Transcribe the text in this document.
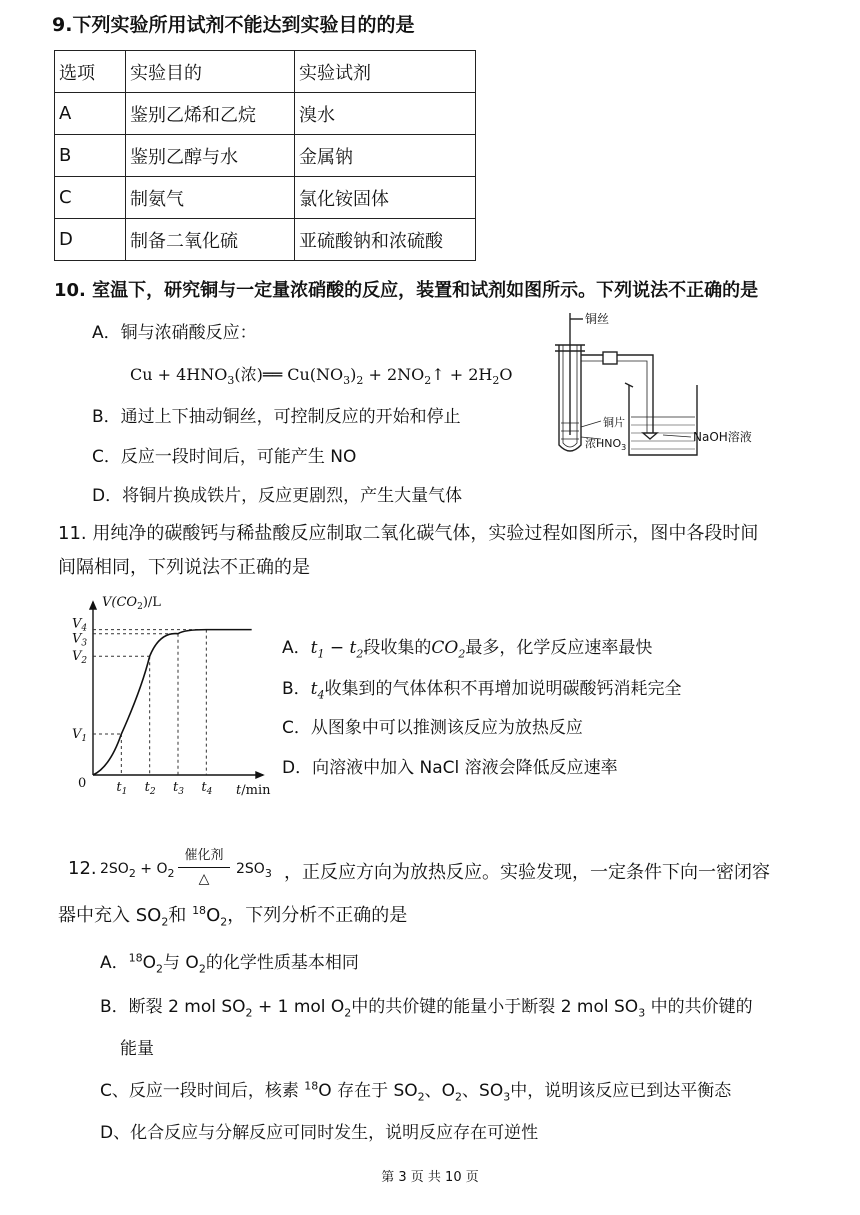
9.下列实验所用试剂不能达到实验目的的是
选项	实验目的	实验试剂
A	鉴别乙烯和乙烷	溴水
B	鉴别乙醇与水	金属钠
C	制氨气	氯化铵固体
D	制备二氧化硫	亚硫酸钠和浓硫酸
10. 室温下，研究铜与一定量浓硝酸的反应，装置和试剂如图所示。下列说法不正确的是
A．铜与浓硝酸反应：
$Cu + 4HNO_3$(浓)══ $Cu(NO_3)_2$ + $2NO_2↑ + 2H_2O$
B．通过上下抽动铜丝，可控制反应的开始和停止
C．反应一段时间后，可能产生 NO
D．将铜片换成铁片，反应更剧烈，产生大量气体
铜丝
铜片
浓$HNO_3$
NaOH溶液
11. 用纯净的碳酸钙与稀盐酸反应制取二氧化碳气体，实验过程如图所示，图中各段时间
间隔相同，下列说法不正确的是
$V_1$
$V_2$
$V_3$
$V_4$
$t_1$ $t_2$ $t_3$ $t_4$
0
$V(CO_2)/L$
t/min
A．$t_1 - t_2$段收集的$CO_2$最多，化学反应速率最快
B．$t_4$收集到的气体体积不再增加说明碳酸钙消耗完全
C．从图象中可以推测该反应为放热反应
D．向溶液中加入 NaCl 溶液会降低反应速率
12. $2SO_2 + O_2$
催化剂
△
$2SO_3$ ，正反应方向为放热反应。实验发现，一定条件下向一密闭容
器中充入 $SO_2$和 $^{18}O_2$，下列分析不正确的是
A．$^{18}O_2$与 $O_2$的化学性质基本相同
B．断裂 2 mol $SO_2 + 1$ mol $O_2$中的共价键的能量小于断裂 2 mol $SO_3$ 中的共价键的
能量
C、反应一段时间后，核素 $^{18}$O 存在于 $SO_2$、$O_2$、$SO_3$中，说明该反应已到达平衡态
D、化合反应与分解反应可同时发生，说明反应存在可逆性
第 3 页 共 10 页
